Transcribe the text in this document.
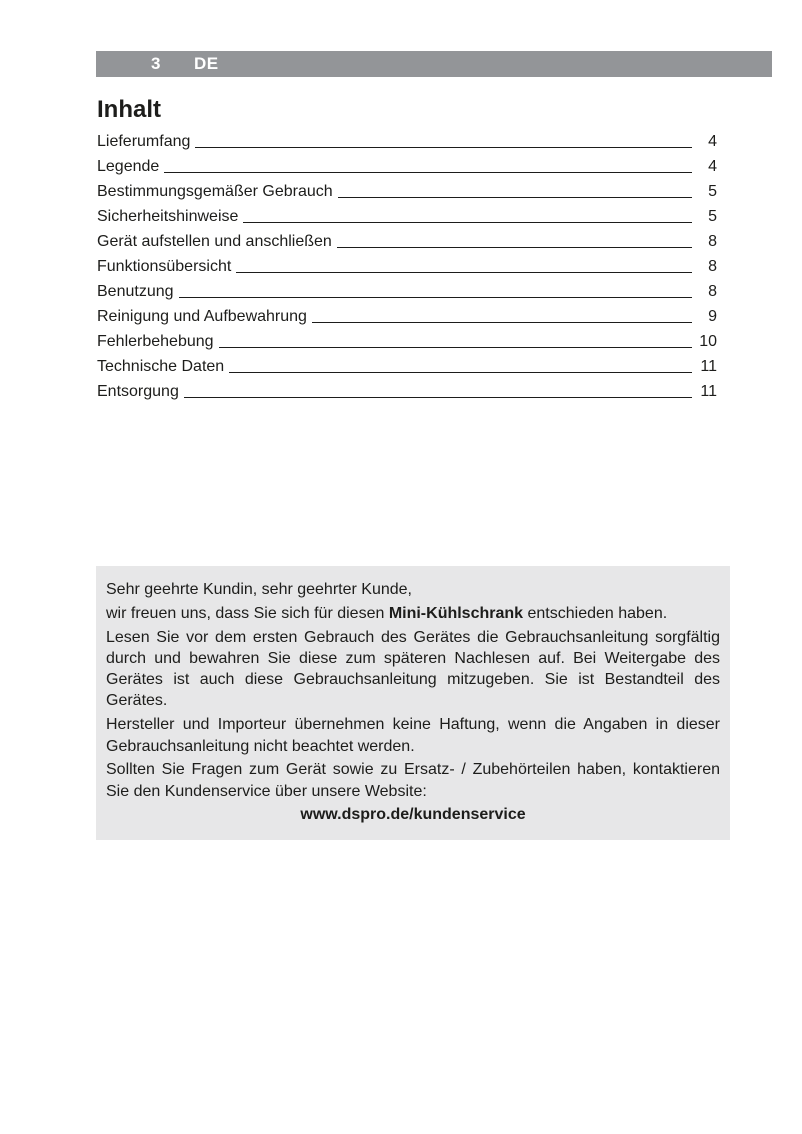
3 DE
Inhalt
Lieferumfang	4
Legende	4
Bestimmungsgemäßer Gebrauch	5
Sicherheitshinweise	5
Gerät aufstellen und anschließen	8
Funktionsübersicht	8
Benutzung	8
Reinigung und Aufbewahrung	9
Fehlerbehebung	10
Technische Daten	11
Entsorgung	11

Sehr geehrte Kundin, sehr geehrter Kunde,

wir freuen uns, dass Sie sich für diesen Mini-Kühlschrank entschieden haben.

Lesen Sie vor dem ersten Gebrauch des Gerätes die Gebrauchsanleitung sorgfältig durch und bewahren Sie diese zum späteren Nachlesen auf. Bei Weitergabe des Gerätes ist auch diese Gebrauchsanleitung mitzugeben. Sie ist Bestandteil des Gerätes.

Hersteller und Importeur übernehmen keine Haftung, wenn die Angaben in dieser Gebrauchsanleitung nicht beachtet werden.

Sollten Sie Fragen zum Gerät sowie zu Ersatz- / Zubehörteilen haben, kontaktieren Sie den Kundenservice über unsere Website:

www.dspro.de/kundenservice
